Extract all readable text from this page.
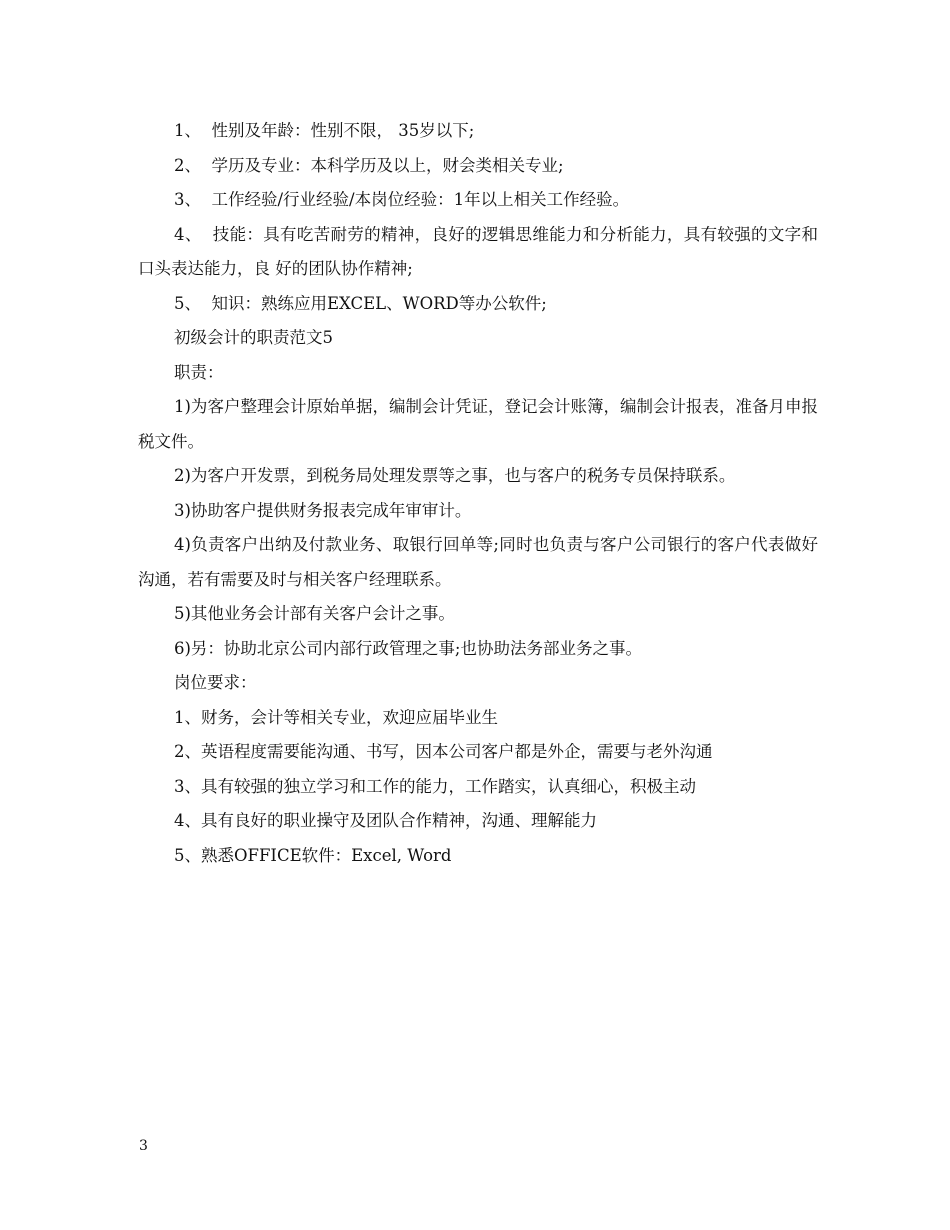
1、  性别及年龄：性别不限， 35岁以下;

2、  学历及专业：本科学历及以上，财会类相关专业;

3、  工作经验/行业经验/本岗位经验：1年以上相关工作经验。

4、  技能：具有吃苦耐劳的精神，良好的逻辑思维能力和分析能力，具有较强的文字和口头表达能力，良 好的团队协作精神;

5、  知识：熟练应用EXCEL、WORD等办公软件;

初级会计的职责范文5

职责：

1)为客户整理会计原始单据，编制会计凭证，登记会计账簿，编制会计报表，准备月申报税文件。

2)为客户开发票，到税务局处理发票等之事，也与客户的税务专员保持联系。

3)协助客户提供财务报表完成年审审计。

4)负责客户出纳及付款业务、取银行回单等;同时也负责与客户公司银行的客户代表做好沟通，若有需要及时与相关客户经理联系。

5)其他业务会计部有关客户会计之事。

6)另：协助北京公司内部行政管理之事;也协助法务部业务之事。

岗位要求：

1、财务，会计等相关专业，欢迎应届毕业生

2、英语程度需要能沟通、书写，因本公司客户都是外企，需要与老外沟通

3、具有较强的独立学习和工作的能力，工作踏实，认真细心，积极主动

4、具有良好的职业操守及团队合作精神，沟通、理解能力

5、熟悉OFFICE软件：Excel, Word

3
